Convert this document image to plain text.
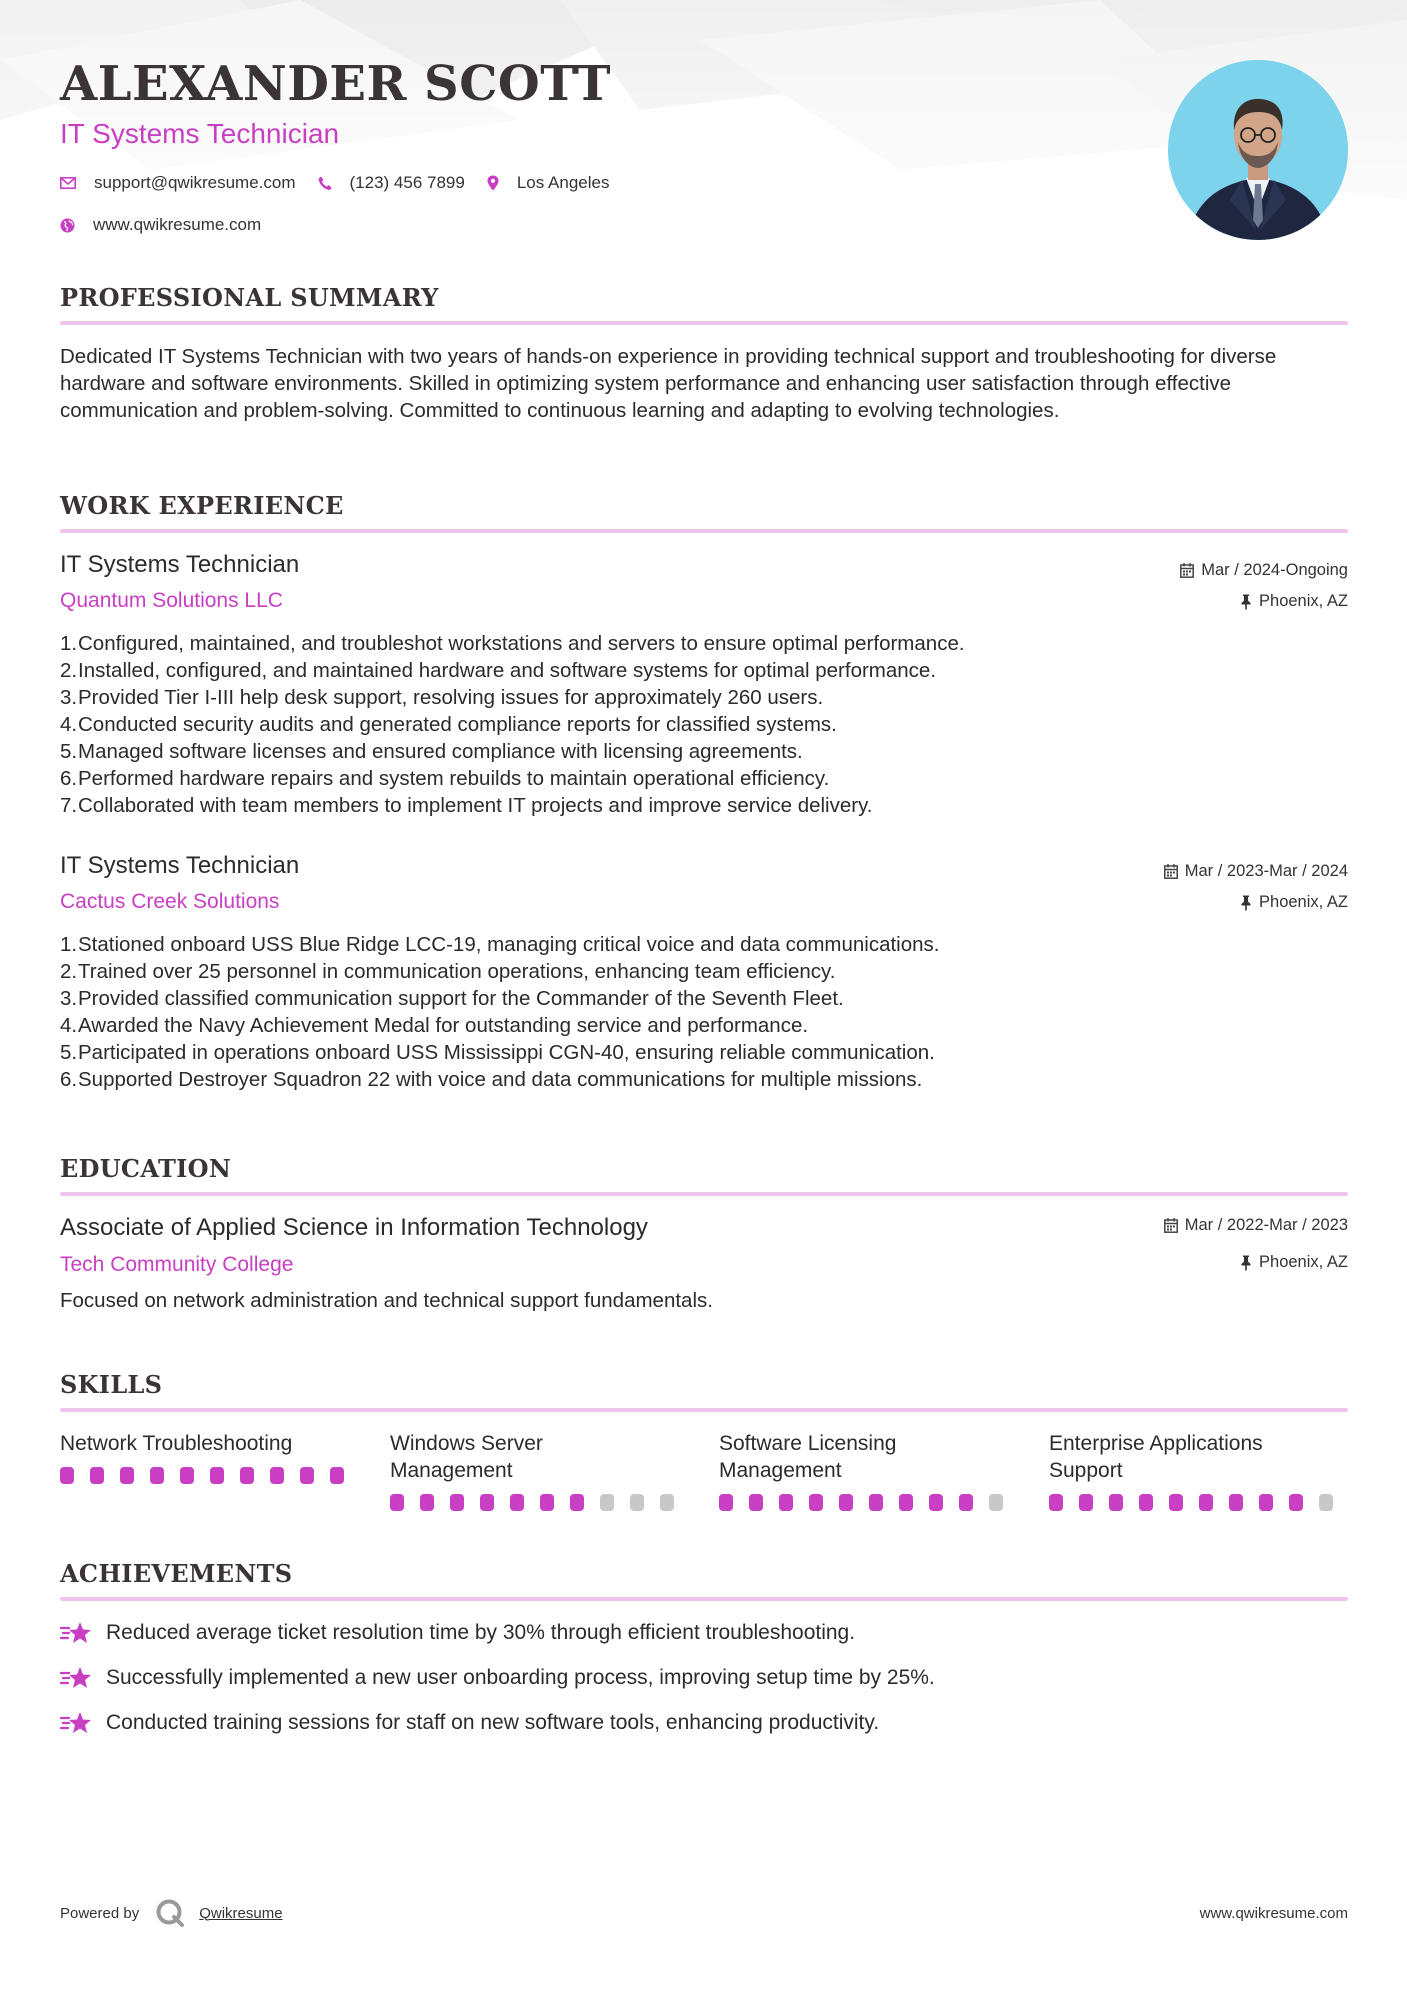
ALEXANDER SCOTT
IT Systems Technician
support@qwikresume.com	(123) 456 7899	Los Angeles
www.qwikresume.com
PROFESSIONAL SUMMARY
Dedicated IT Systems Technician with two years of hands-on experience in providing technical support and troubleshooting for diverse hardware and software environments. Skilled in optimizing system performance and enhancing user satisfaction through effective communication and problem-solving. Committed to continuous learning and adapting to evolving technologies.
WORK EXPERIENCE
IT Systems Technician
Quantum Solutions LLC
Mar / 2024-Ongoing
Phoenix, AZ
1. Configured, maintained, and troubleshot workstations and servers to ensure optimal performance.
2. Installed, configured, and maintained hardware and software systems for optimal performance.
3. Provided Tier I-III help desk support, resolving issues for approximately 260 users.
4. Conducted security audits and generated compliance reports for classified systems.
5. Managed software licenses and ensured compliance with licensing agreements.
6. Performed hardware repairs and system rebuilds to maintain operational efficiency.
7. Collaborated with team members to implement IT projects and improve service delivery.
IT Systems Technician
Cactus Creek Solutions
Mar / 2023-Mar / 2024
Phoenix, AZ
1. Stationed onboard USS Blue Ridge LCC-19, managing critical voice and data communications.
2. Trained over 25 personnel in communication operations, enhancing team efficiency.
3. Provided classified communication support for the Commander of the Seventh Fleet.
4. Awarded the Navy Achievement Medal for outstanding service and performance.
5. Participated in operations onboard USS Mississippi CGN-40, ensuring reliable communication.
6. Supported Destroyer Squadron 22 with voice and data communications for multiple missions.
EDUCATION
Associate of Applied Science in Information Technology
Tech Community College
Mar / 2022-Mar / 2023
Phoenix, AZ
Focused on network administration and technical support fundamentals.
SKILLS
Network Troubleshooting	Windows Server
Management
Software Licensing
Management
Enterprise Applications
Support
ACHIEVEMENTS
Reduced average ticket resolution time by 30% through efficient troubleshooting.
Successfully implemented a new user onboarding process, improving setup time by 25%.
Conducted training sessions for staff on new software tools, enhancing productivity.
Powered by	Qwikresume	www.qwikresume.com
